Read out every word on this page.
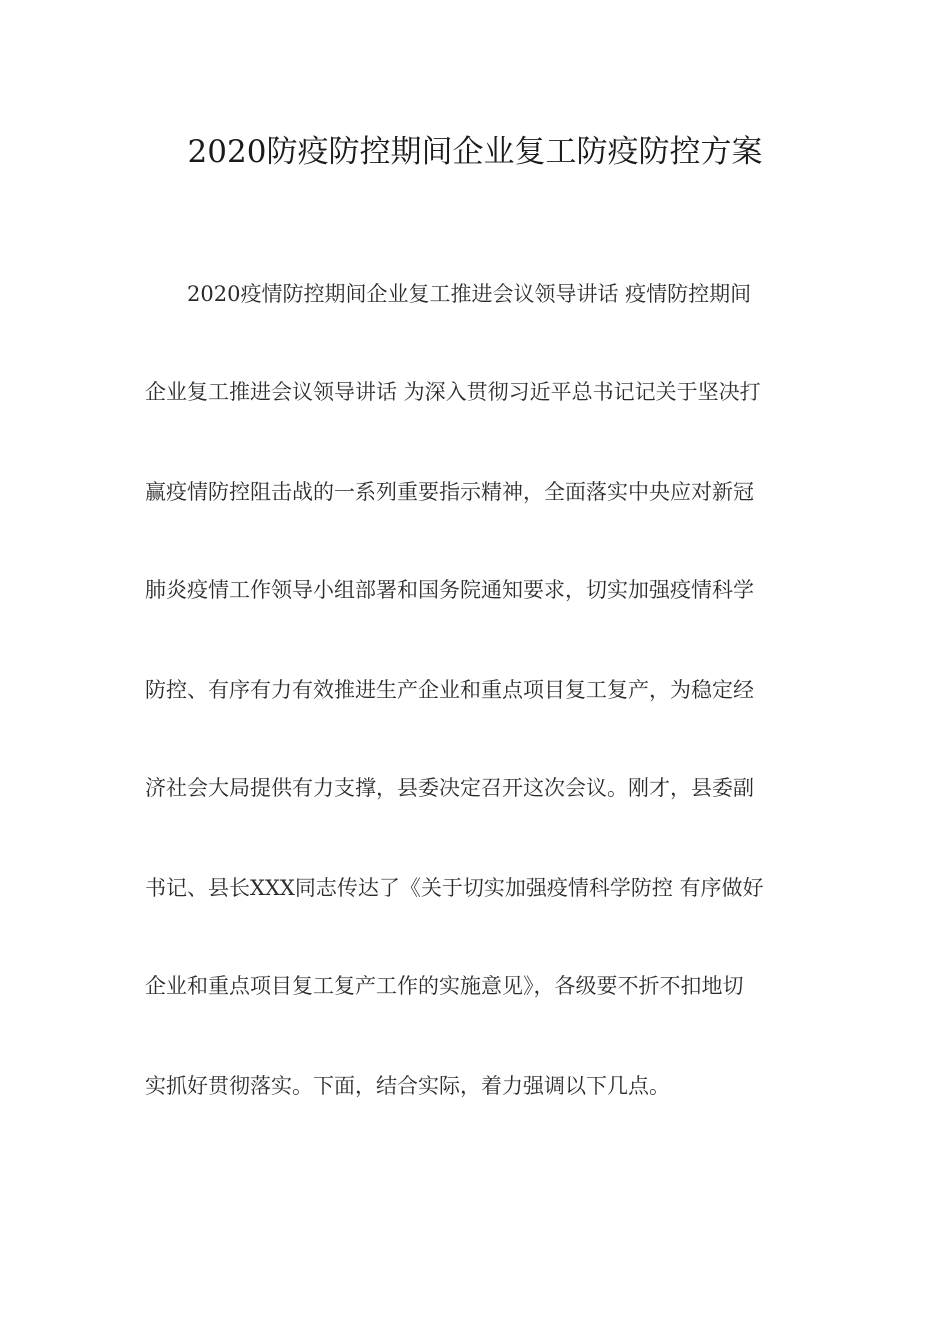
2020防疫防控期间企业复工防疫防控方案

2020疫情防控期间企业复工推进会议领导讲话 疫情防控期间

企业复工推进会议领导讲话 为深入贯彻习近平总书记记关于坚决打

赢疫情防控阻击战的一系列重要指示精神，全面落实中央应对新冠

肺炎疫情工作领导小组部署和国务院通知要求，切实加强疫情科学

防控、有序有力有效推进生产企业和重点项目复工复产，为稳定经

济社会大局提供有力支撑，县委决定召开这次会议。刚才，县委副

书记、县长XXX同志传达了《关于切实加强疫情科学防控 有序做好

企业和重点项目复工复产工作的实施意见》，各级要不折不扣地切

实抓好贯彻落实。下面，结合实际，着力强调以下几点。
